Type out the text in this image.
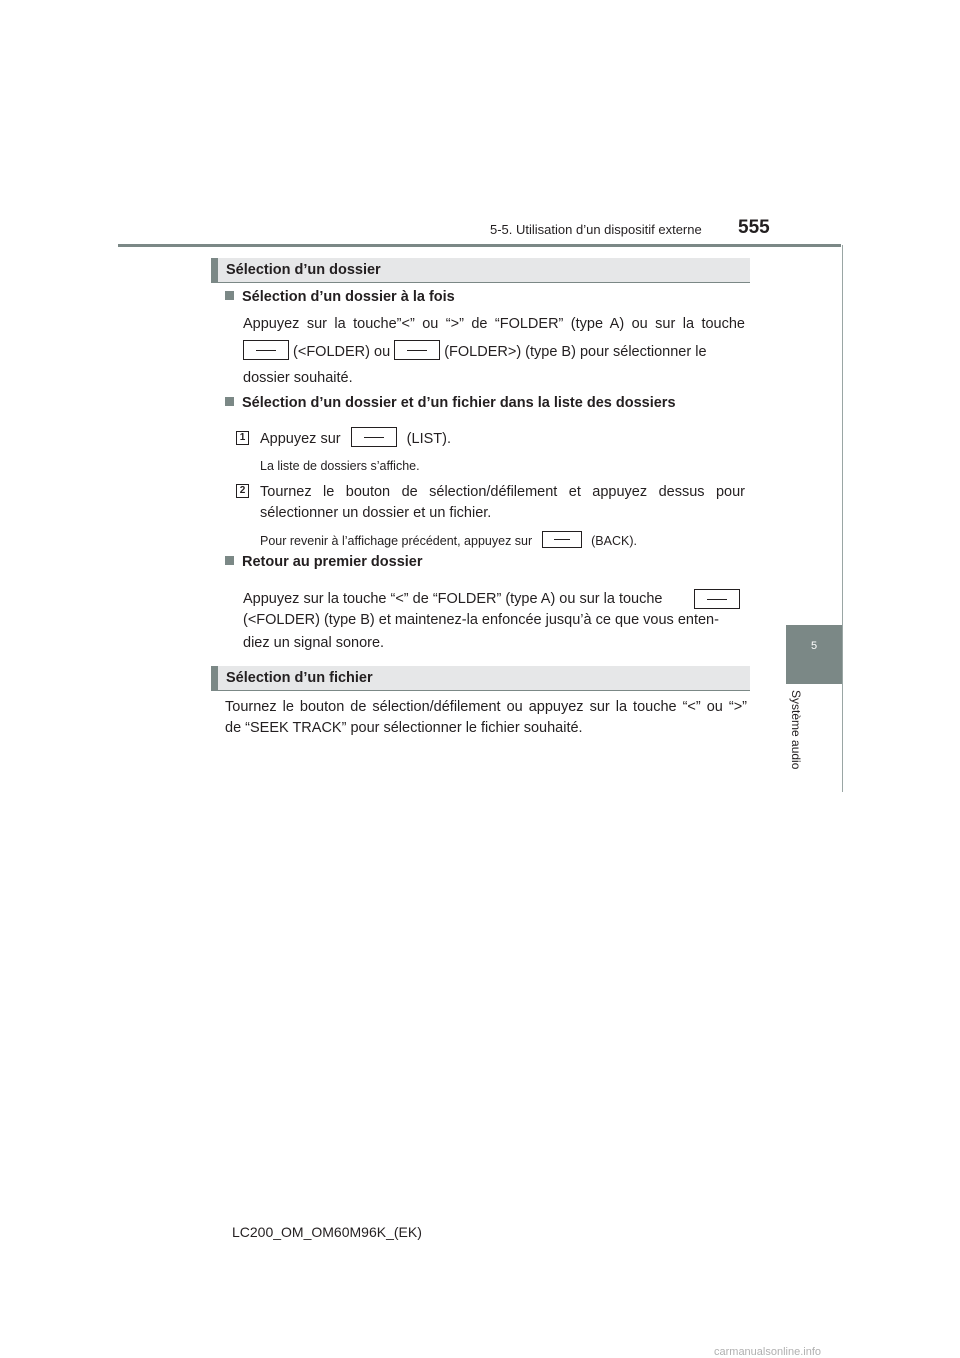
5-5. Utilisation d’un dispositif externe 555
5
Système audio
Sélection d’un dossier
Sélection d’un dossier à la fois
Appuyez sur la touche”<” ou “>” de “FOLDER” (type A) ou sur la touche
(<FOLDER) ou	(FOLDER>) (type B) pour sélectionner le
dossier souhaité.
Sélection d’un dossier et d’un fichier dans la liste des dossiers
1 Appuyez sur	(LIST).
La liste de dossiers s’affiche.
2 Tournez le bouton de sélection/défilement et appuyez dessus pour
sélectionner un dossier et un fichier.
Pour revenir à l’affichage précédent, appuyez sur	(BACK).
Retour au premier dossier
Appuyez sur la touche “<” de “FOLDER” (type A) ou sur la touche
(<FOLDER) (type B) et maintenez-la enfoncée jusqu’à ce que vous enten-
diez un signal sonore.
Sélection d’un fichier
Tournez le bouton de sélection/défilement ou appuyez sur la touche “<” ou “>”
de “SEEK TRACK” pour sélectionner le fichier souhaité.
LC200_OM_OM60M96K_(EK)
carmanualsonline.info
